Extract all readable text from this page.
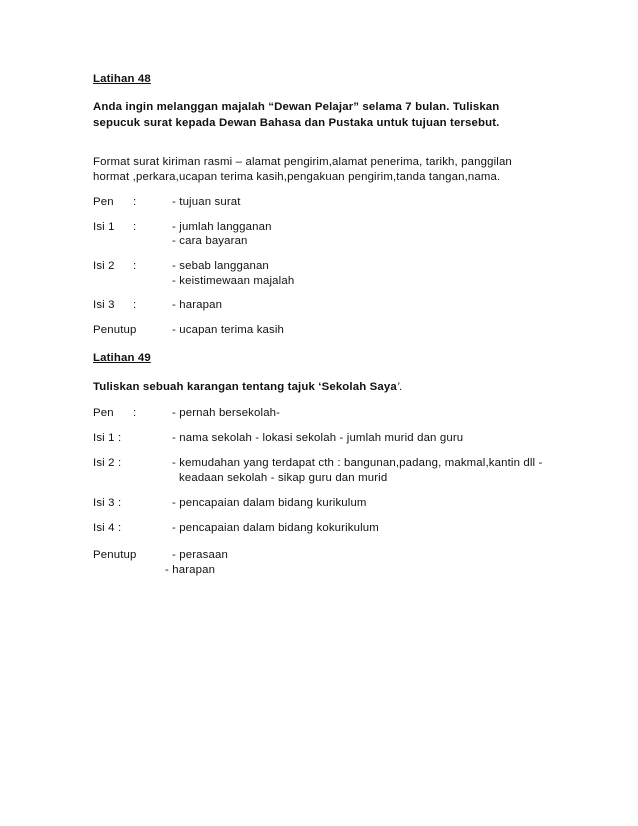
Latihan 48
Anda ingin melanggan majalah “Dewan Pelajar” selama 7 bulan. Tuliskan
sepucuk surat kepada Dewan Bahasa dan Pustaka untuk tujuan tersebut.
Format surat kiriman rasmi – alamat pengirim,alamat penerima, tarikh, panggilan
hormat ,perkara,ucapan terima kasih,pengakuan pengirim,tanda tangan,nama.
Pen :	- tujuan surat
Isi 1 :	- jumlah langganan
- cara bayaran
Isi 2 :	- sebab langganan
- keistimewaan majalah
Isi 3 :	- harapan
Penutup	- ucapan terima kasih
Latihan 49
Tuliskan sebuah karangan tentang tajuk ‘Sekolah Saya’.
Pen :	- pernah bersekolah-
Isi 1 :	- nama sekolah - lokasi sekolah - jumlah murid dan guru
Isi 2 :	- kemudahan yang terdapat cth : bangunan,padang, makmal,kantin dll -
keadaan sekolah - sikap guru dan murid
Isi 3 :	- pencapaian dalam bidang kurikulum
Isi 4 :	- pencapaian dalam bidang kokurikulum
Penutup	- perasaan
- harapan
